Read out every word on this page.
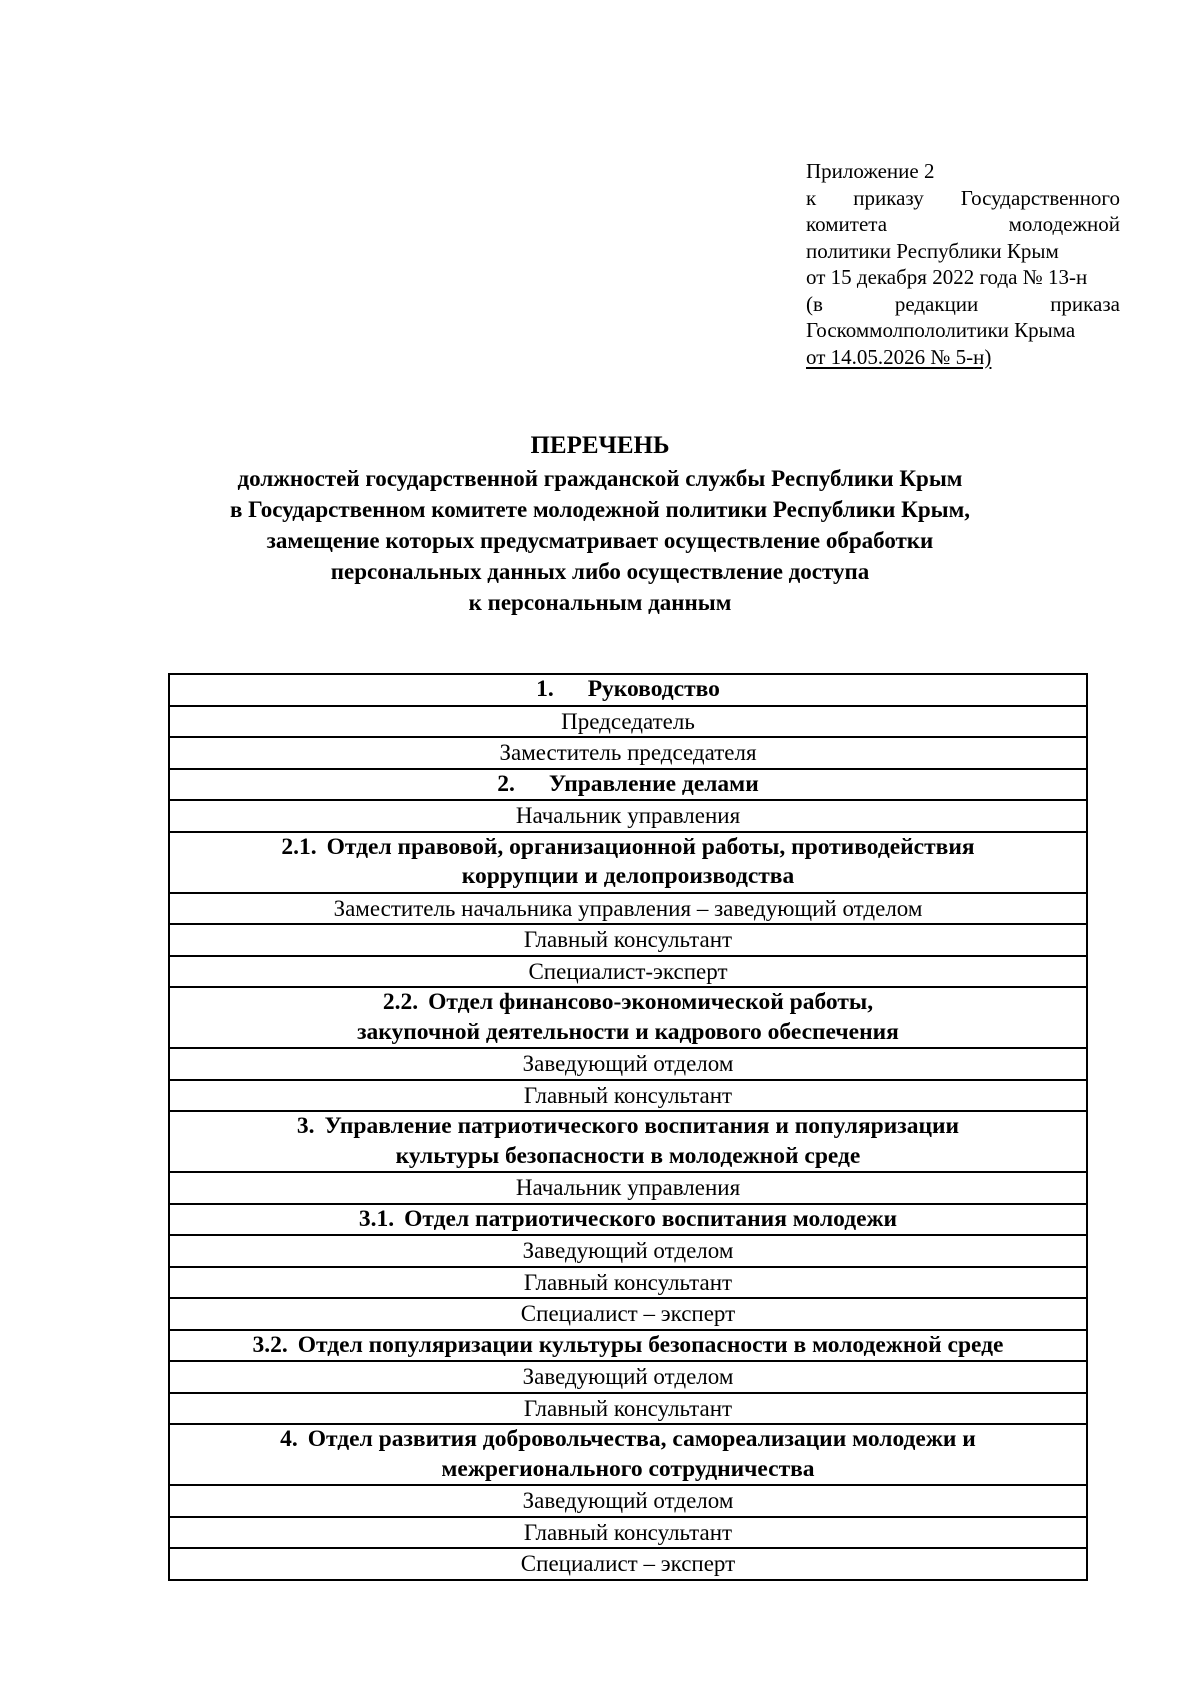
Приложение 2
к приказу Государственного
комитета молодежной
политики Республики Крым
от 15 декабря 2022 года № 13-н
(в редакции приказа
Госкоммолпололитики Крыма
от 14.05.2026 № 5-н)
ПЕРЕЧЕНЬ
должностей государственной гражданской службы Республики Крым
в Государственном комитете молодежной политики Республики Крым,
замещение которых предусматривает осуществление обработки
персональных данных либо осуществление доступа
к персональным данным
1. Руководство
Председатель
Заместитель председателя
2. Управление делами
Начальник управления
2.1. Отдел правовой, организационной работы, противодействия
коррупции и делопроизводства
Заместитель начальника управления – заведующий отделом
Главный консультант
Специалист-эксперт
2.2. Отдел финансово-экономической работы,
закупочной деятельности и кадрового обеспечения
Заведующий отделом
Главный консультант
3. Управление патриотического воспитания и популяризации
культуры безопасности в молодежной среде
Начальник управления
3.1. Отдел патриотического воспитания молодежи
Заведующий отделом
Главный консультант
Специалист – эксперт
3.2. Отдел популяризации культуры безопасности в молодежной среде
Заведующий отделом
Главный консультант
4. Отдел развития добровольчества, самореализации молодежи и
межрегионального сотрудничества
Заведующий отделом
Главный консультант
Специалист – эксперт
